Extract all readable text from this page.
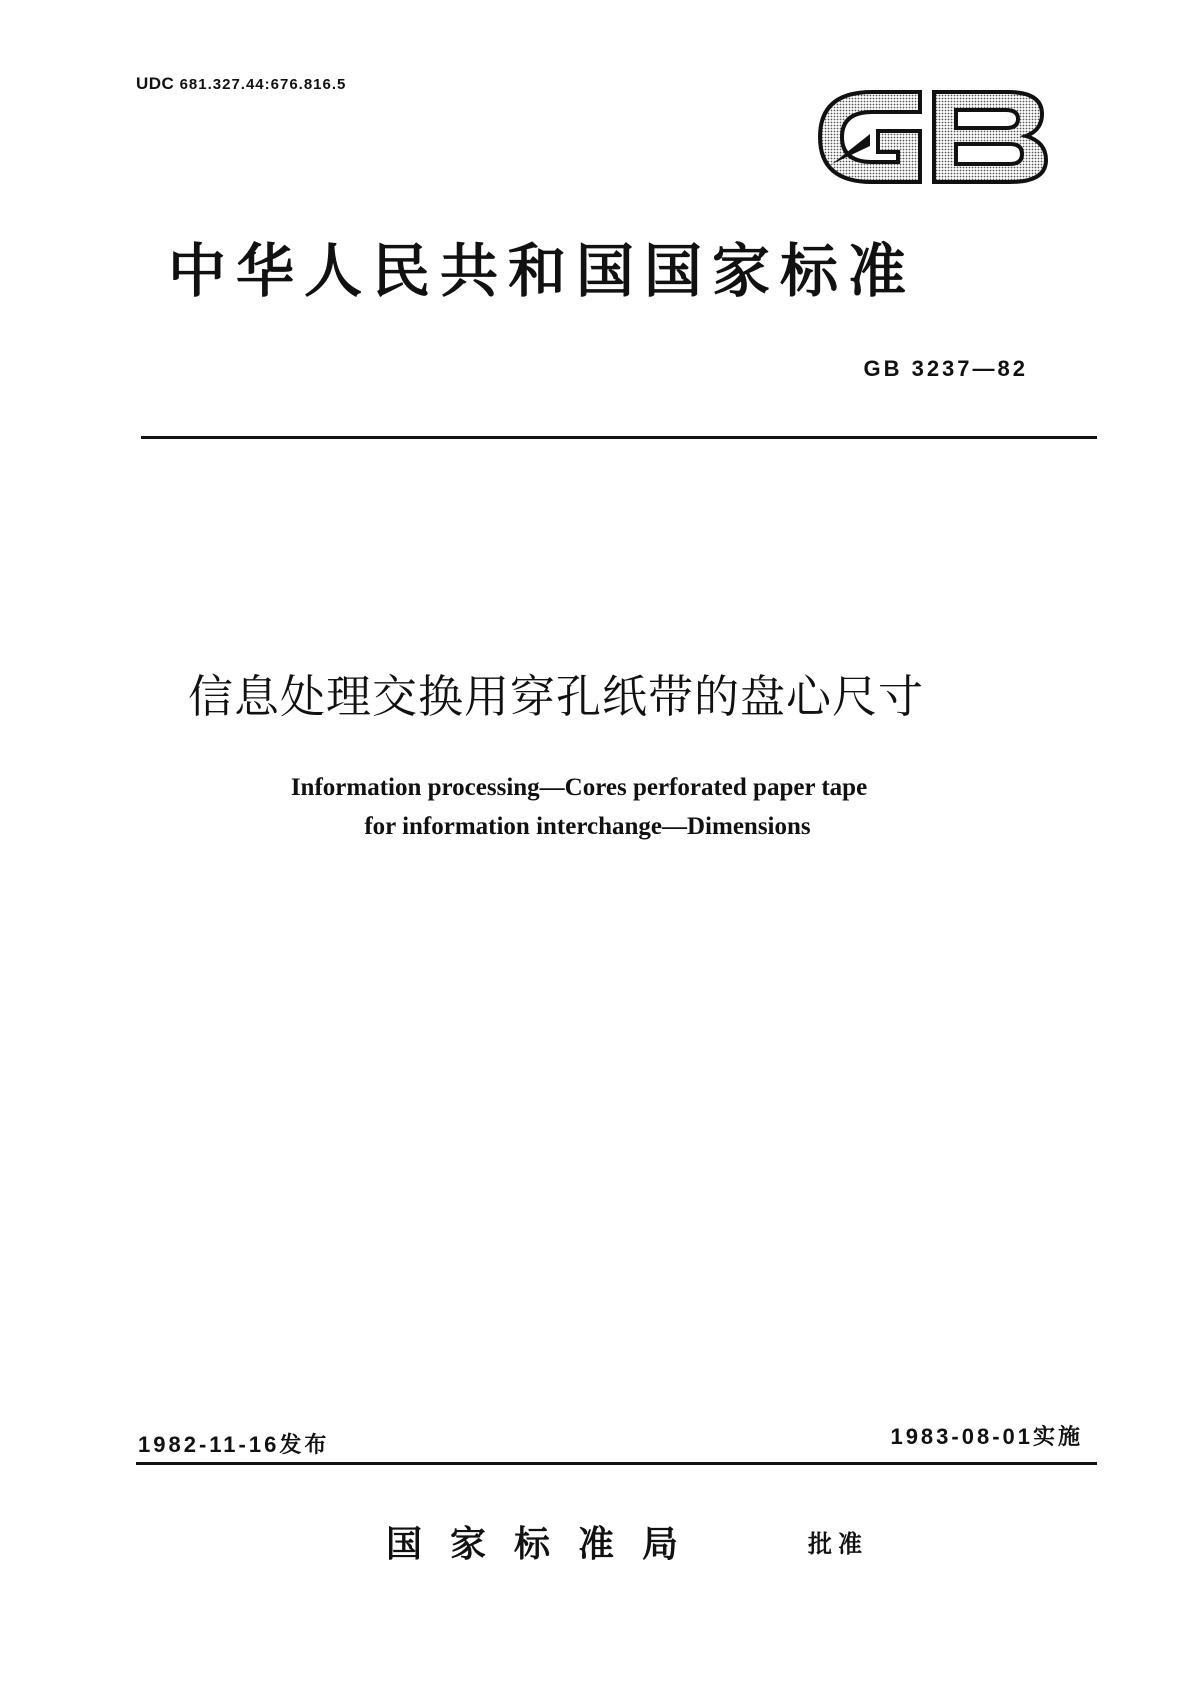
UDC 681.327.44:676.816.5
中华人民共和国国家标准
GB 3237—82
信息处理交换用穿孔纸带的盘心尺寸
Information processing—Cores perforated paper tape
for information interchange—Dimensions
1982-11-16发布	1983-08-01实施
国家标准局	批准
